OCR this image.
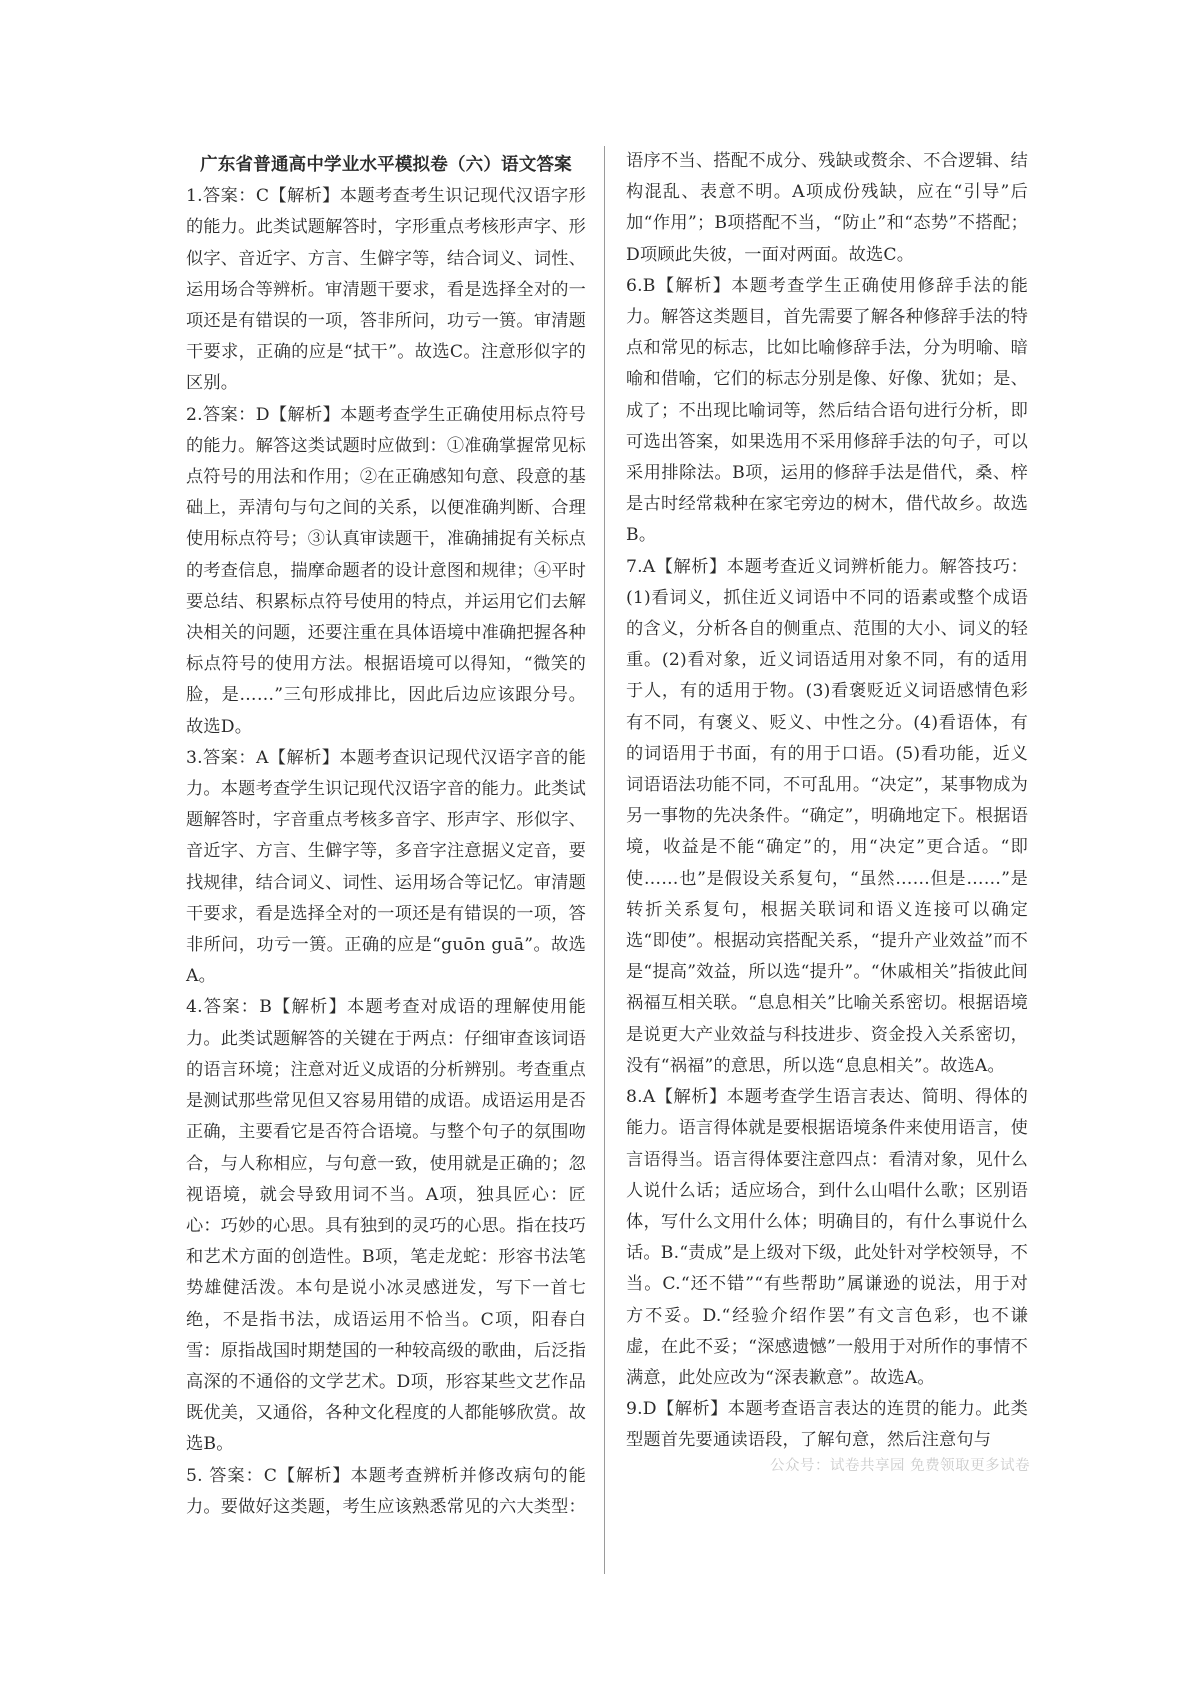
广东省普通高中学业水平模拟卷（六）语文答案

1.答案：C【解析】本题考查考生识记现代汉语字形的能力。此类试题解答时，字形重点考核形声字、形似字、音近字、方言、生僻字等，结合词义、词性、运用场合等辨析。审清题干要求，看是选择全对的一项还是有错误的一项，答非所问，功亏一篑。审清题干要求，正确的应是“拭干”。故选C。注意形似字的区别。

2.答案：D【解析】本题考查学生正确使用标点符号的能力。解答这类试题时应做到：①准确掌握常见标点符号的用法和作用；②在正确感知句意、段意的基础上，弄清句与句之间的关系，以便准确判断、合理使用标点符号；③认真审读题干，准确捕捉有关标点的考查信息，揣摩命题者的设计意图和规律；④平时要总结、积累标点符号使用的特点，并运用它们去解决相关的问题，还要注重在具体语境中准确把握各种标点符号的使用方法。根据语境可以得知，“微笑的脸，是……”三句形成排比，因此后边应该跟分号。故选D。

3.答案：A【解析】本题考查识记现代汉语字音的能力。本题考查学生识记现代汉语字音的能力。此类试题解答时，字音重点考核多音字、形声字、形似字、音近字、方言、生僻字等，多音字注意据义定音，要找规律，结合词义、词性、运用场合等记忆。审清题干要求，看是选择全对的一项还是有错误的一项，答非所问，功亏一篑。正确的应是“guōn guā”。故选A。

4.答案：B【解析】本题考查对成语的理解使用能力。此类试题解答的关键在于两点：仔细审查该词语的语言环境；注意对近义成语的分析辨别。考查重点是测试那些常见但又容易用错的成语。成语运用是否正确，主要看它是否符合语境。与整个句子的氛围吻合，与人称相应，与句意一致，使用就是正确的；忽视语境，就会导致用词不当。A项，独具匠心：匠心：巧妙的心思。具有独到的灵巧的心思。指在技巧和艺术方面的创造性。B项，笔走龙蛇：形容书法笔势雄健活泼。本句是说小冰灵感迸发，写下一首七绝，不是指书法，成语运用不恰当。C项，阳春白雪：原指战国时期楚国的一种较高级的歌曲，后泛指高深的不通俗的文学艺术。D项，形容某些文艺作品既优美，又通俗，各种文化程度的人都能够欣赏。故选B。

5. 答案：C【解析】本题考查辨析并修改病句的能力。要做好这类题，考生应该熟悉常见的六大类型：

语序不当、搭配不成分、残缺或赘余、不合逻辑、结构混乱、表意不明。A项成份残缺，应在“引导”后加“作用”；B项搭配不当，“防止”和“态势”不搭配；D项顾此失彼，一面对两面。故选C。

6.B【解析】本题考查学生正确使用修辞手法的能力。解答这类题目，首先需要了解各种修辞手法的特点和常见的标志，比如比喻修辞手法，分为明喻、暗喻和借喻，它们的标志分别是像、好像、犹如；是、成了；不出现比喻词等，然后结合语句进行分析，即可选出答案，如果选用不采用修辞手法的句子，可以采用排除法。B项，运用的修辞手法是借代，桑、梓是古时经常栽种在家宅旁边的树木，借代故乡。故选B。

7.A【解析】本题考查近义词辨析能力。解答技巧：(1)看词义，抓住近义词语中不同的语素或整个成语的含义，分析各自的侧重点、范围的大小、词义的轻重。(2)看对象，近义词语适用对象不同，有的适用于人，有的适用于物。(3)看褒贬近义词语感情色彩有不同，有褒义、贬义、中性之分。(4)看语体，有的词语用于书面，有的用于口语。(5)看功能，近义词语语法功能不同，不可乱用。“决定”，某事物成为另一事物的先决条件。“确定”，明确地定下。根据语境，收益是不能“确定”的，用“决定”更合适。“即使……也”是假设关系复句，“虽然……但是……”是转折关系复句，根据关联词和语义连接可以确定选“即使”。根据动宾搭配关系，“提升产业效益”而不是“提高”效益，所以选“提升”。“休戚相关”指彼此间祸福互相关联。“息息相关”比喻关系密切。根据语境是说更大产业效益与科技进步、资金投入关系密切，没有“祸福”的意思，所以选“息息相关”。故选A。

8.A【解析】本题考查学生语言表达、简明、得体的能力。语言得体就是要根据语境条件来使用语言，使言语得当。语言得体要注意四点：看清对象，见什么人说什么话；适应场合，到什么山唱什么歌；区别语体，写什么文用什么体；明确目的，有什么事说什么话。B.“责成”是上级对下级，此处针对学校领导，不当。C.“还不错”“有些帮助”属谦逊的说法，用于对方不妥。D.“经验介绍作罢”有文言色彩，也不谦虚，在此不妥；“深感遗憾”一般用于对所作的事情不满意，此处应改为“深表歉意”。故选A。

9.D【解析】本题考查语言表达的连贯的能力。此类型题首先要通读语段，了解句意，然后注意句与

公众号：试卷共享园 免费领取更多试卷
